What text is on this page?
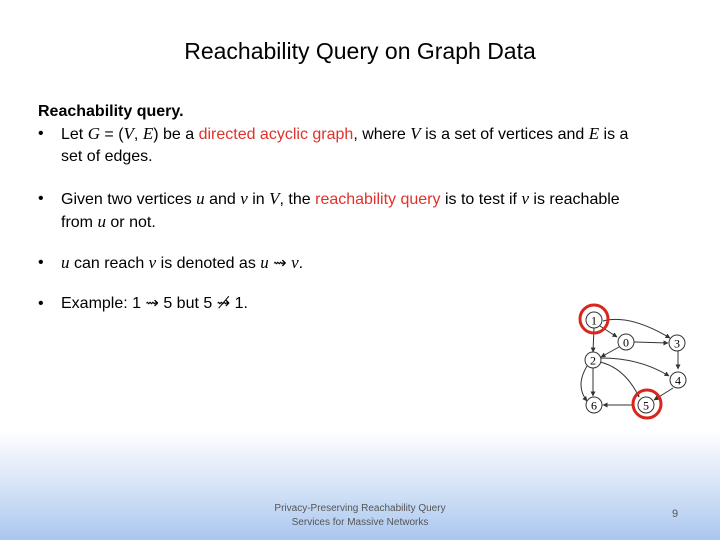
Reachability Query on Graph Data
Reachability query.
• Let G = (V, E) be a directed acyclic graph, where V is a set of vertices and E is a
set of edges.
• Given two vertices u and v in V, the reachability query is to test if v is reachable
from u or not.
• u can reach v is denoted as u ⇝ v.
• Example: 1 ⇝ 5 but 5 ⇝̸ 1.
1
0	3
2
4
6	5
Privacy-Preserving Reachability Query
Services for Massive Networks
9
